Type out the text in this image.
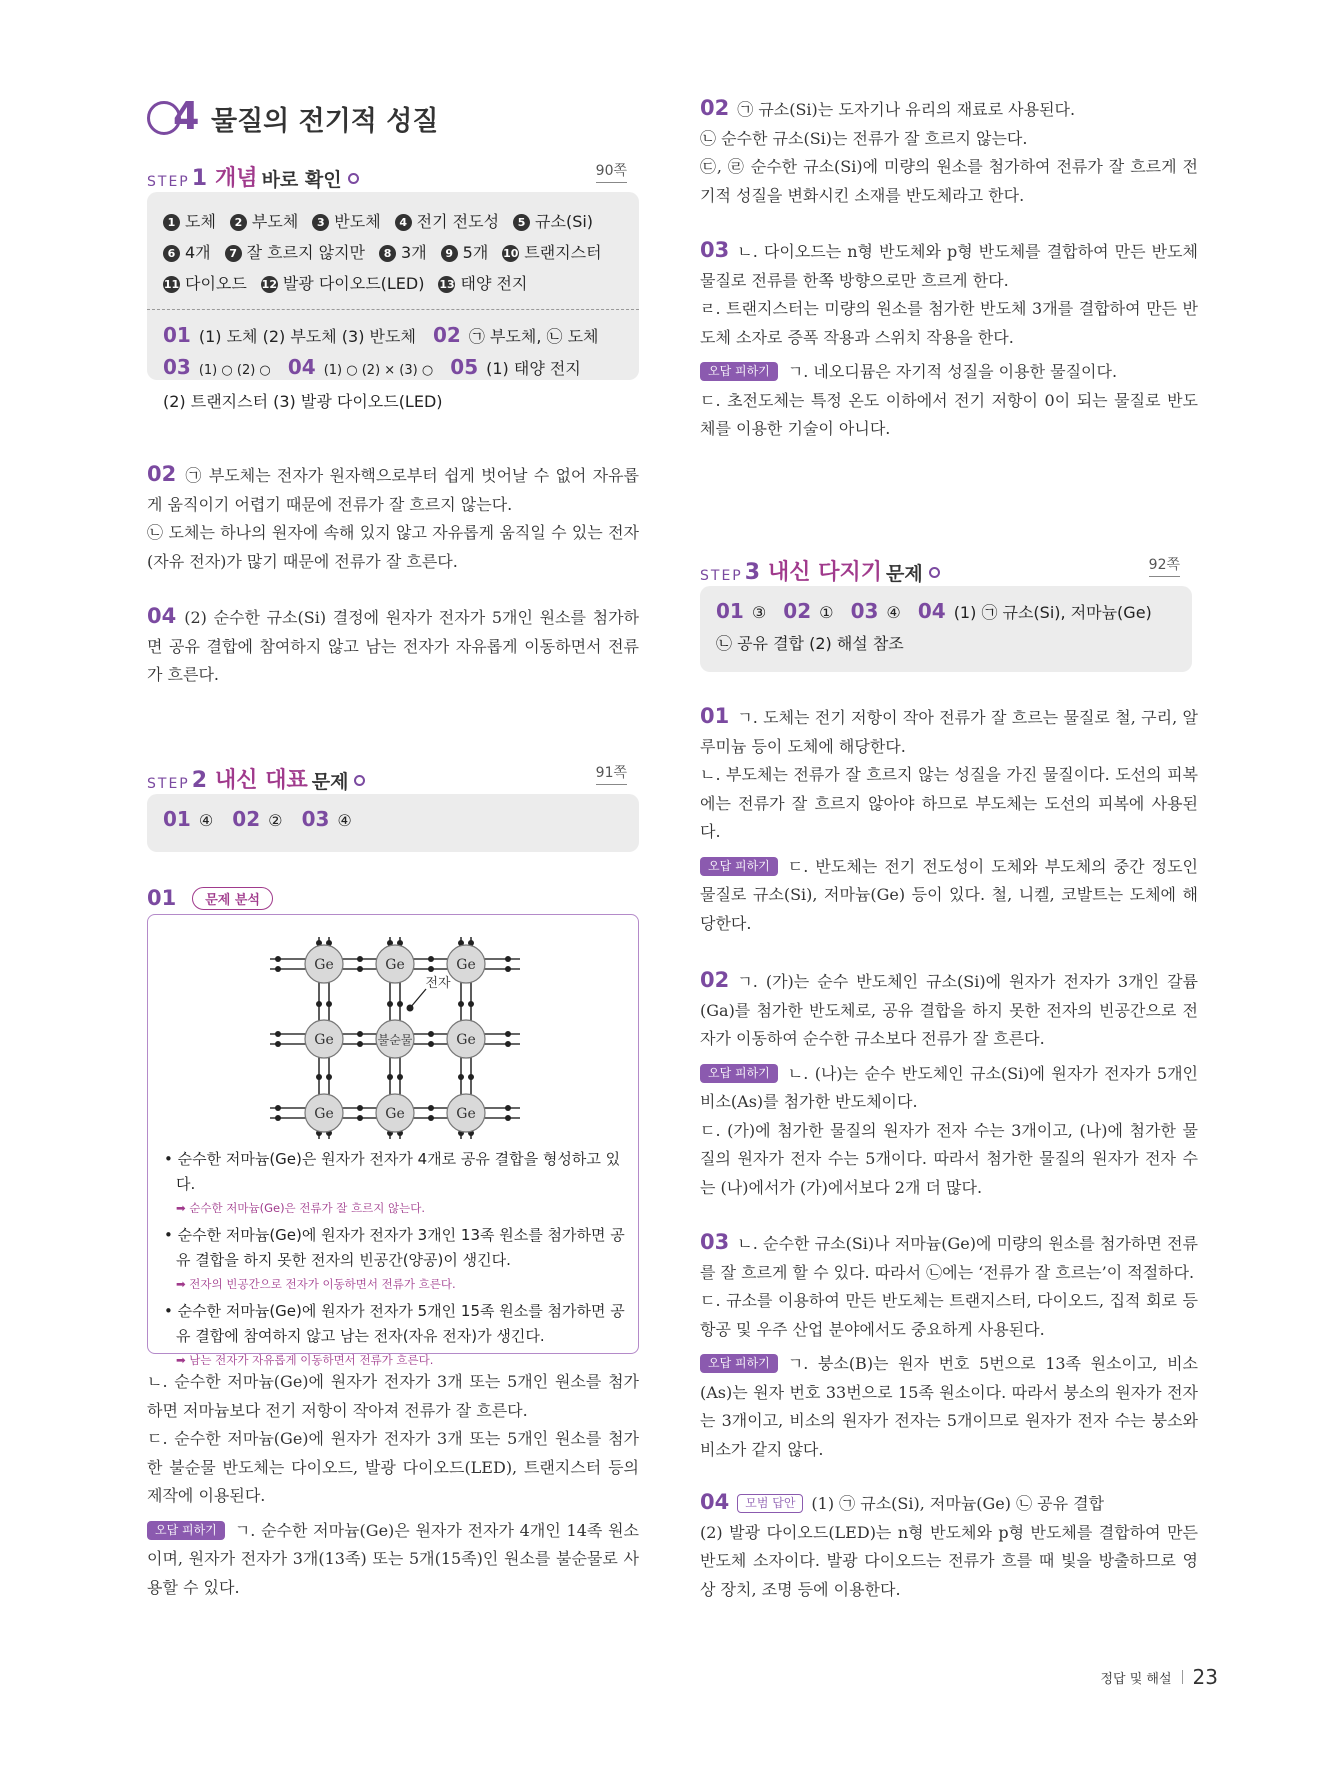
4 물질의 전기적 성질
STEP 1 개념 바로 확인	90쪽
1 도체 2 부도체 3 반도체 4 전기 전도성 5 규소(Si)
6 4개 7 잘 흐르지 않지만 8 3개 9 5개 10 트랜지스터
11 다이오드 12 발광 다이오드(LED) 13 태양 전지
01 (1) 도체 (2) 부도체 (3) 반도체 02 ㉠ 부도체, ㉡ 도체
03 (1) ○ (2) ○ 04 (1) ○ (2) × (3) ○ 05 (1) 태양 전지
(2) 트랜지스터 (3) 발광 다이오드(LED)
02 ㉠ 부도체는 전자가 원자핵으로부터 쉽게 벗어날 수 없어 자유롭게 움직이기 어렵기 때문에 전류가 잘 흐르지 않는다.
㉡ 도체는 하나의 원자에 속해 있지 않고 자유롭게 움직일 수 있는 전자(자유 전자)가 많기 때문에 전류가 잘 흐른다.
04 (2) 순수한 규소(Si) 결정에 원자가 전자가 5개인 원소를 첨가하면 공유 결합에 참여하지 않고 남는 전자가 자유롭게 이동하면서 전류가 흐른다.
STEP 2 내신 대표 문제	91쪽
01 ④ 02 ② 03 ④
01	문제 분석
Ge	Ge	Ge
Ge	불순물	Ge
Ge	Ge	Ge
전자
• 순수한 저마늄(Ge)은 원자가 전자가 4개로 공유 결합을 형성하고 있다.
➡ 순수한 저마늄(Ge)은 전류가 잘 흐르지 않는다.
• 순수한 저마늄(Ge)에 원자가 전자가 3개인 13족 원소를 첨가하면 공유 결합을 하지 못한 전자의 빈공간(양공)이 생긴다.
➡ 전자의 빈공간으로 전자가 이동하면서 전류가 흐른다.
• 순수한 저마늄(Ge)에 원자가 전자가 5개인 15족 원소를 첨가하면 공유 결합에 참여하지 않고 남는 전자(자유 전자)가 생긴다.
➡ 남는 전자가 자유롭게 이동하면서 전류가 흐른다.
ㄴ. 순수한 저마늄(Ge)에 원자가 전자가 3개 또는 5개인 원소를 첨가하면 저마늄보다 전기 저항이 작아져 전류가 잘 흐른다.
ㄷ. 순수한 저마늄(Ge)에 원자가 전자가 3개 또는 5개인 원소를 첨가한 불순물 반도체는 다이오드, 발광 다이오드(LED), 트랜지스터 등의 제작에 이용된다.
오답 피하기 ㄱ. 순수한 저마늄(Ge)은 원자가 전자가 4개인 14족 원소이며, 원자가 전자가 3개(13족) 또는 5개(15족)인 원소를 불순물로 사용할 수 있다.
02 ㉠ 규소(Si)는 도자기나 유리의 재료로 사용된다.
㉡ 순수한 규소(Si)는 전류가 잘 흐르지 않는다.
㉢, ㉣ 순수한 규소(Si)에 미량의 원소를 첨가하여 전류가 잘 흐르게 전기적 성질을 변화시킨 소재를 반도체라고 한다.
03 ㄴ. 다이오드는 n형 반도체와 p형 반도체를 결합하여 만든 반도체 물질로 전류를 한쪽 방향으로만 흐르게 한다.
ㄹ. 트랜지스터는 미량의 원소를 첨가한 반도체 3개를 결합하여 만든 반도체 소자로 증폭 작용과 스위치 작용을 한다.
오답 피하기 ㄱ. 네오디뮴은 자기적 성질을 이용한 물질이다.
ㄷ. 초전도체는 특정 온도 이하에서 전기 저항이 0이 되는 물질로 반도체를 이용한 기술이 아니다.
STEP 3 내신 다지기 문제	92쪽
01 ③ 02 ① 03 ④ 04 (1) ㉠ 규소(Si), 저마늄(Ge)
㉡ 공유 결합 (2) 해설 참조
01 ㄱ. 도체는 전기 저항이 작아 전류가 잘 흐르는 물질로 철, 구리, 알루미늄 등이 도체에 해당한다.
ㄴ. 부도체는 전류가 잘 흐르지 않는 성질을 가진 물질이다. 도선의 피복에는 전류가 잘 흐르지 않아야 하므로 부도체는 도선의 피복에 사용된다.
오답 피하기 ㄷ. 반도체는 전기 전도성이 도체와 부도체의 중간 정도인 물질로 규소(Si), 저마늄(Ge) 등이 있다. 철, 니켈, 코발트는 도체에 해당한다.
02 ㄱ. (가)는 순수 반도체인 규소(Si)에 원자가 전자가 3개인 갈륨(Ga)를 첨가한 반도체로, 공유 결합을 하지 못한 전자의 빈공간으로 전자가 이동하여 순수한 규소보다 전류가 잘 흐른다.
오답 피하기 ㄴ. (나)는 순수 반도체인 규소(Si)에 원자가 전자가 5개인 비소(As)를 첨가한 반도체이다.
ㄷ. (가)에 첨가한 물질의 원자가 전자 수는 3개이고, (나)에 첨가한 물질의 원자가 전자 수는 5개이다. 따라서 첨가한 물질의 원자가 전자 수는 (나)에서가 (가)에서보다 2개 더 많다.
03 ㄴ. 순수한 규소(Si)나 저마늄(Ge)에 미량의 원소를 첨가하면 전류를 잘 흐르게 할 수 있다. 따라서 ㉡에는 ‘전류가 잘 흐르는’이 적절하다.
ㄷ. 규소를 이용하여 만든 반도체는 트랜지스터, 다이오드, 집적 회로 등 항공 및 우주 산업 분야에서도 중요하게 사용된다.
오답 피하기 ㄱ. 붕소(B)는 원자 번호 5번으로 13족 원소이고, 비소(As)는 원자 번호 33번으로 15족 원소이다. 따라서 붕소의 원자가 전자는 3개이고, 비소의 원자가 전자는 5개이므로 원자가 전자 수는 붕소와 비소가 같지 않다.
04 모범 답안 (1) ㉠ 규소(Si), 저마늄(Ge) ㉡ 공유 결합
(2) 발광 다이오드(LED)는 n형 반도체와 p형 반도체를 결합하여 만든 반도체 소자이다. 발광 다이오드는 전류가 흐를 때 빛을 방출하므로 영상 장치, 조명 등에 이용한다.
정답 및 해설 23
